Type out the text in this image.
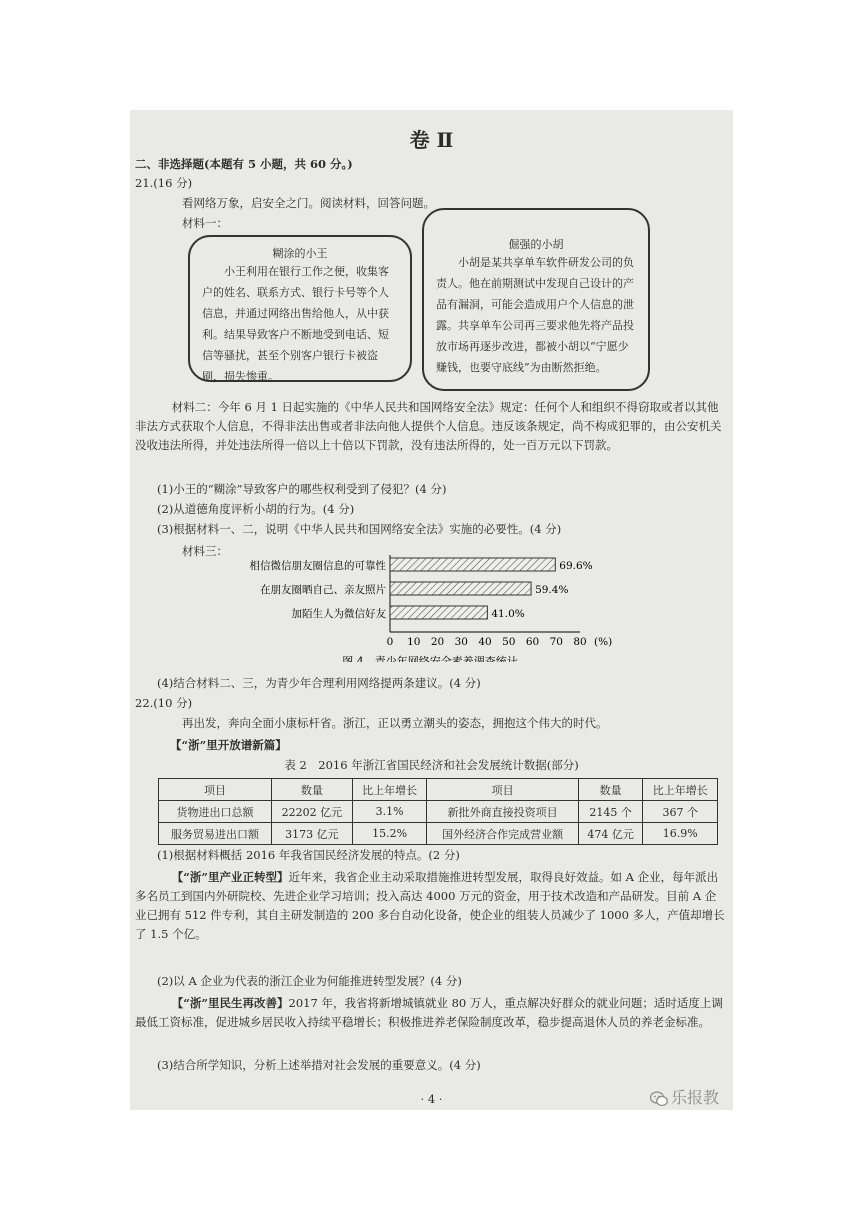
卷 Ⅱ
二、非选择题(本题有 5 小题，共 60 分。)
21.(16 分)
看网络万象，启安全之门。阅读材料，回答问题。
材料一：
糊涂的小王
小王利用在银行工作之便，收集客户的姓名、联系方式、银行卡号等个人信息，并通过网络出售给他人，从中获利。结果导致客户不断地受到电话、短信等骚扰，甚至个别客户银行卡被盗刷，损失惨重。
倔强的小胡
小胡是某共享单车软件研发公司的负责人。他在前期测试中发现自己设计的产品有漏洞，可能会造成用户个人信息的泄露。共享单车公司再三要求他先将产品投放市场再逐步改进，都被小胡以“宁愿少赚钱，也要守底线”为由断然拒绝。
材料二：今年 6 月 1 日起实施的《中华人民共和国网络安全法》规定：任何个人和组织不得窃取或者以其他非法方式获取个人信息，不得非法出售或者非法向他人提供个人信息。违反该条规定，尚不构成犯罪的，由公安机关没收违法所得，并处违法所得一倍以上十倍以下罚款，没有违法所得的，处一百万元以下罚款。
(1)小王的“糊涂”导致客户的哪些权利受到了侵犯？(4 分)
(2)从道德角度评析小胡的行为。(4 分)
(3)根据材料一、二，说明《中华人民共和国网络安全法》实施的必要性。(4 分)
材料三：
相信微信朋友圈信息的可靠性	69.6%
在朋友圈晒自己、亲友照片	59.4%
加陌生人为微信好友	41.0%
0 10 20 30 40 50 60 70 80 (%)
图 4　青少年网络安全素养调查统计
(4)结合材料二、三，为青少年合理利用网络提两条建议。(4 分)
22.(10 分)
再出发，奔向全面小康标杆省。浙江，正以勇立潮头的姿态，拥抱这个伟大的时代。
【“浙”里开放谱新篇】
表 2　2016 年浙江省国民经济和社会发展统计数据(部分)
项目	数量	比上年增长	项目	数量	比上年增长
货物进出口总额	22202 亿元	3.1%	新批外商直接投资项目	2145 个	367 个
服务贸易进出口额	3173 亿元	15.2%	国外经济合作完成营业额	474 亿元	16.9%
(1)根据材料概括 2016 年我省国民经济发展的特点。(2 分)
【“浙”里产业正转型】近年来，我省企业主动采取措施推进转型发展，取得良好效益。如 A 企业，每年派出多名员工到国内外研院校、先进企业学习培训；投入高达 4000 万元的资金，用于技术改造和产品研发。目前 A 企业已拥有 512 件专利，其自主研发制造的 200 多台自动化设备，使企业的组装人员减少了 1000 多人，产值却增长了 1.5 个亿。
(2)以 A 企业为代表的浙江企业为何能推进转型发展？(4 分)
【“浙”里民生再改善】2017 年，我省将新增城镇就业 80 万人，重点解决好群众的就业问题；适时适度上调最低工资标准，促进城乡居民收入持续平稳增长；积极推进养老保险制度改革，稳步提高退休人员的养老金标准。
(3)结合所学知识，分析上述举措对社会发展的重要意义。(4 分)
· 4 ·	乐报教
